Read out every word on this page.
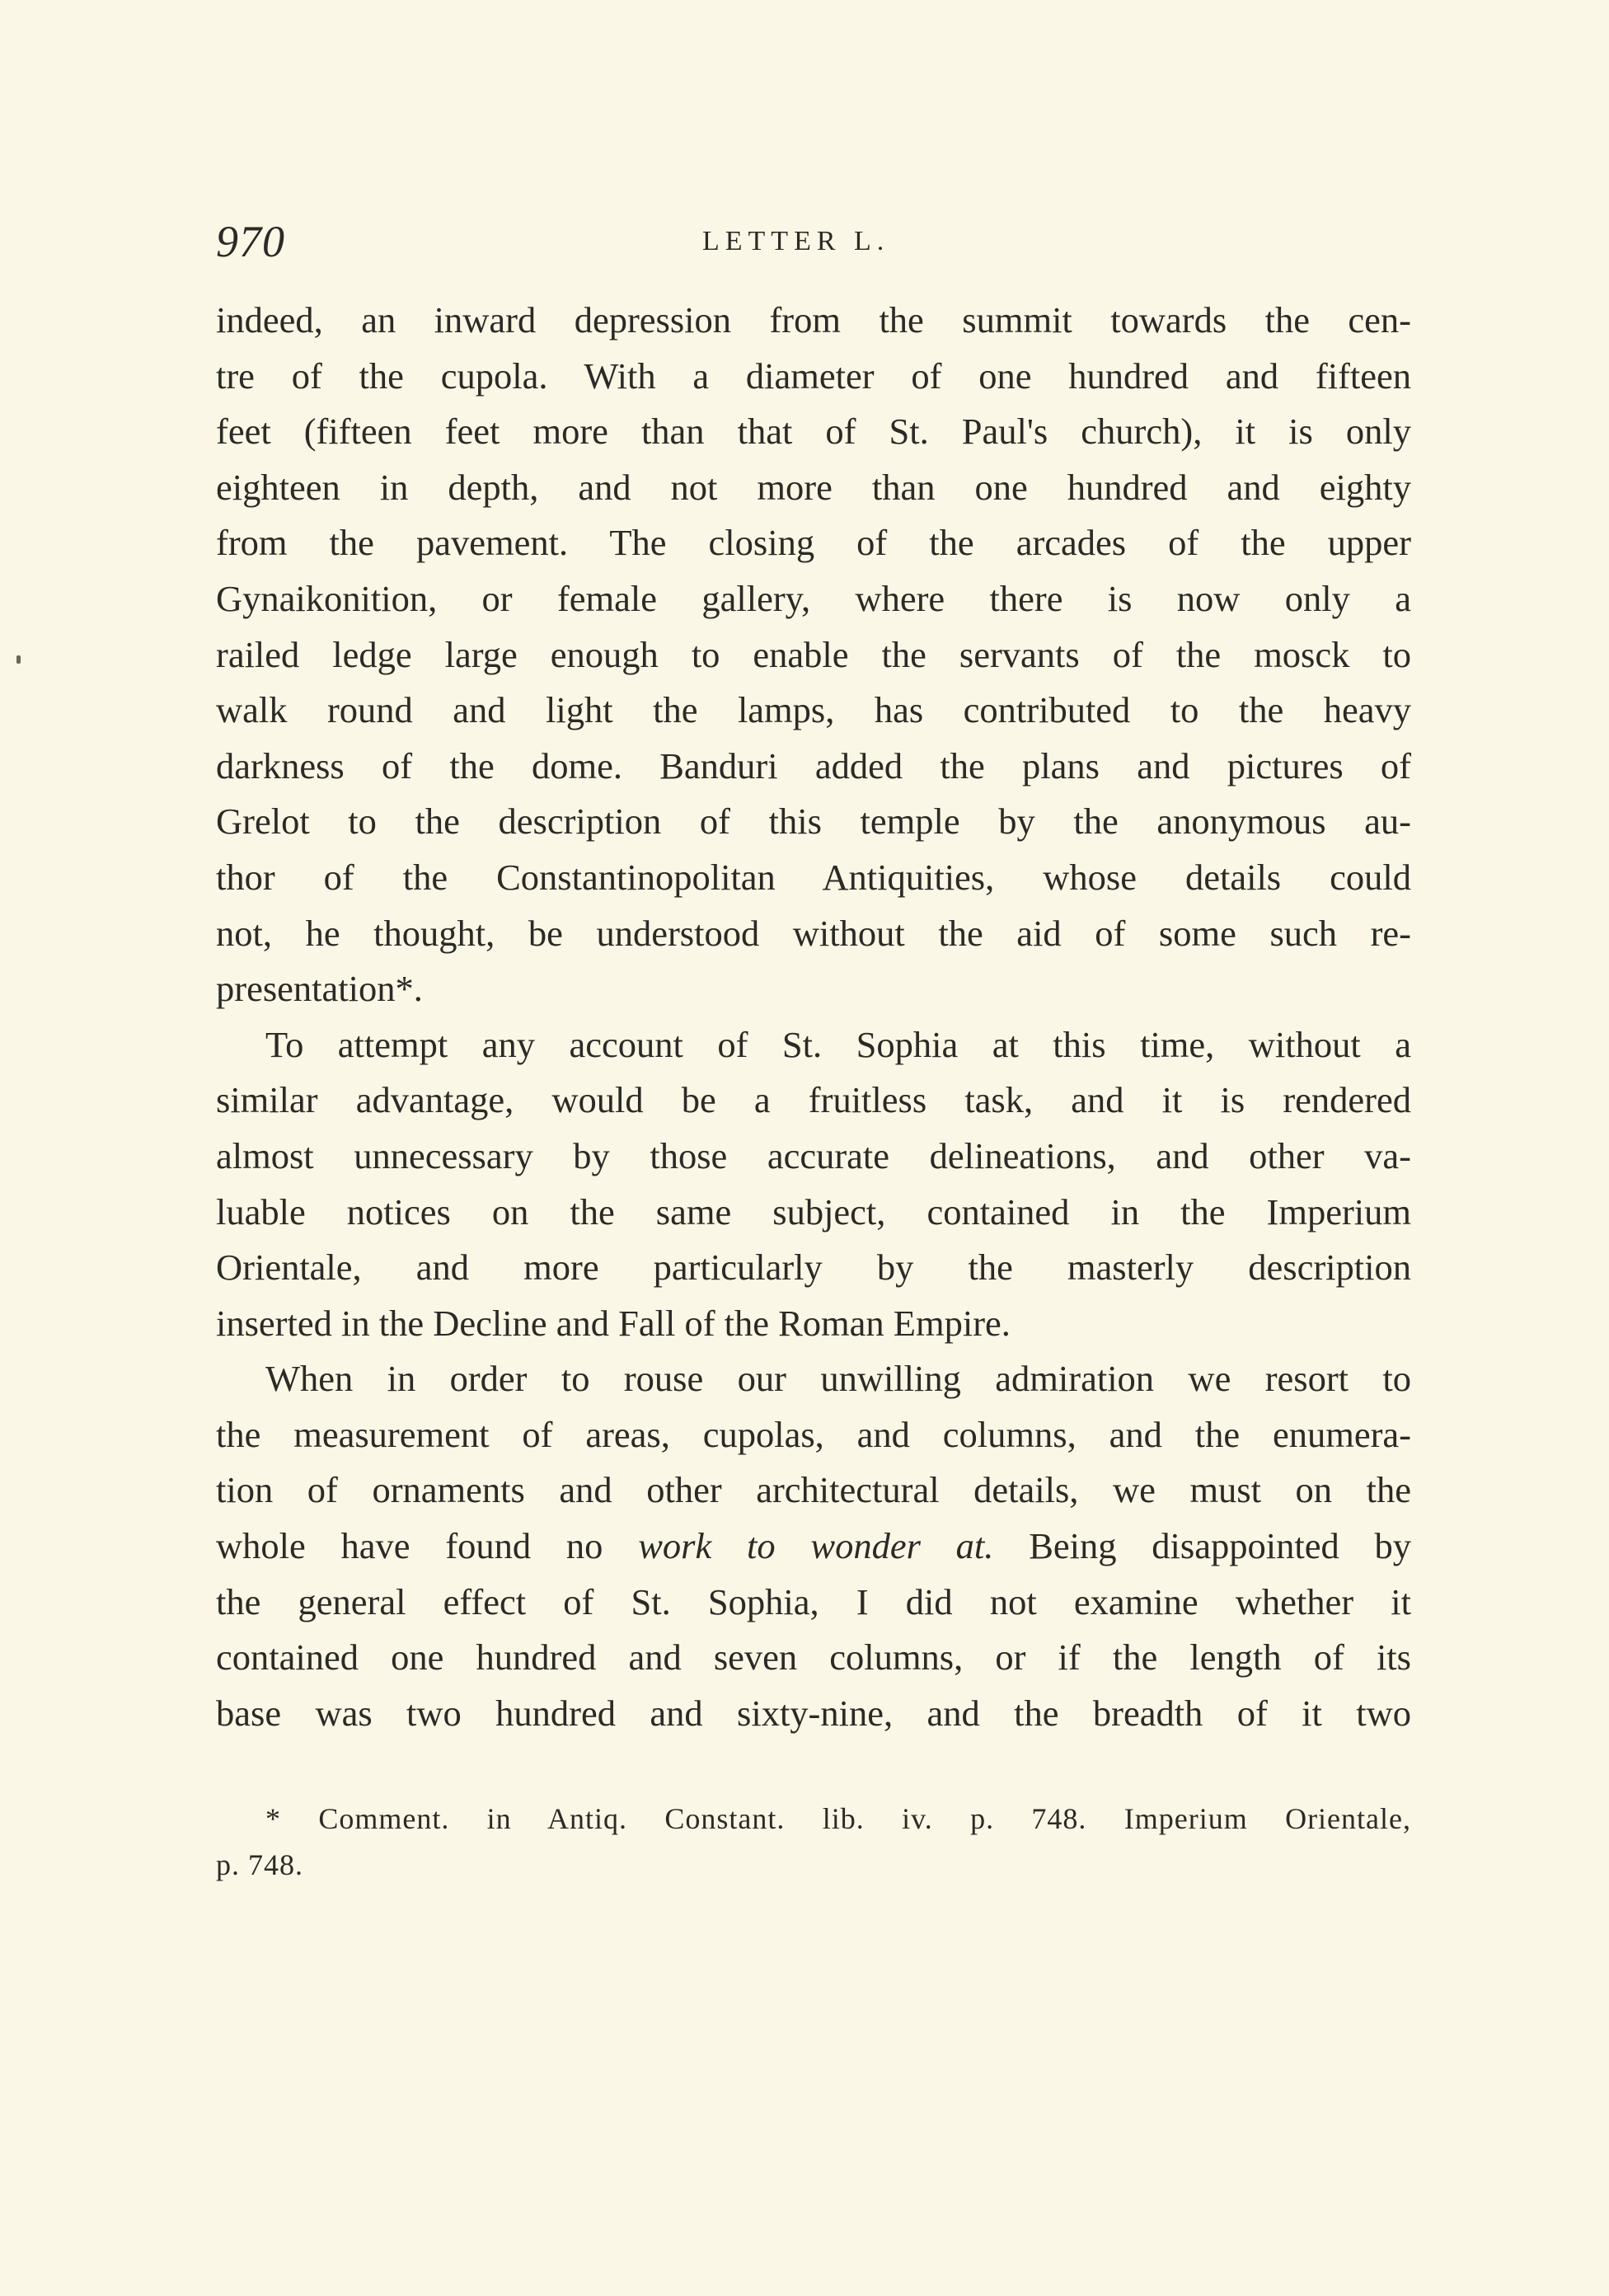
970	LETTER L.
indeed, an inward depression from the summit towards the cen-
tre of the cupola. With a diameter of one hundred and fifteen
feet (fifteen feet more than that of St. Paul's church), it is only
eighteen in depth, and not more than one hundred and eighty
from the pavement. The closing of the arcades of the upper
Gynaikonition, or female gallery, where there is now only a
railed ledge large enough to enable the servants of the mosck to
walk round and light the lamps, has contributed to the heavy
darkness of the dome. Banduri added the plans and pictures of
Grelot to the description of this temple by the anonymous au-
thor of the Constantinopolitan Antiquities, whose details could
not, he thought, be understood without the aid of some such re-
presentation*.
To attempt any account of St. Sophia at this time, without a
similar advantage, would be a fruitless task, and it is rendered
almost unnecessary by those accurate delineations, and other va-
luable notices on the same subject, contained in the Imperium
Orientale, and more particularly by the masterly description
inserted in the Decline and Fall of the Roman Empire.
When in order to rouse our unwilling admiration we resort to
the measurement of areas, cupolas, and columns, and the enumera-
tion of ornaments and other architectural details, we must on the
whole have found no work to wonder at. Being disappointed by
the general effect of St. Sophia, I did not examine whether it
contained one hundred and seven columns, or if the length of its
base was two hundred and sixty-nine, and the breadth of it two
* Comment. in Antiq. Constant. lib. iv. p. 748. Imperium Orientale,
p. 748.
